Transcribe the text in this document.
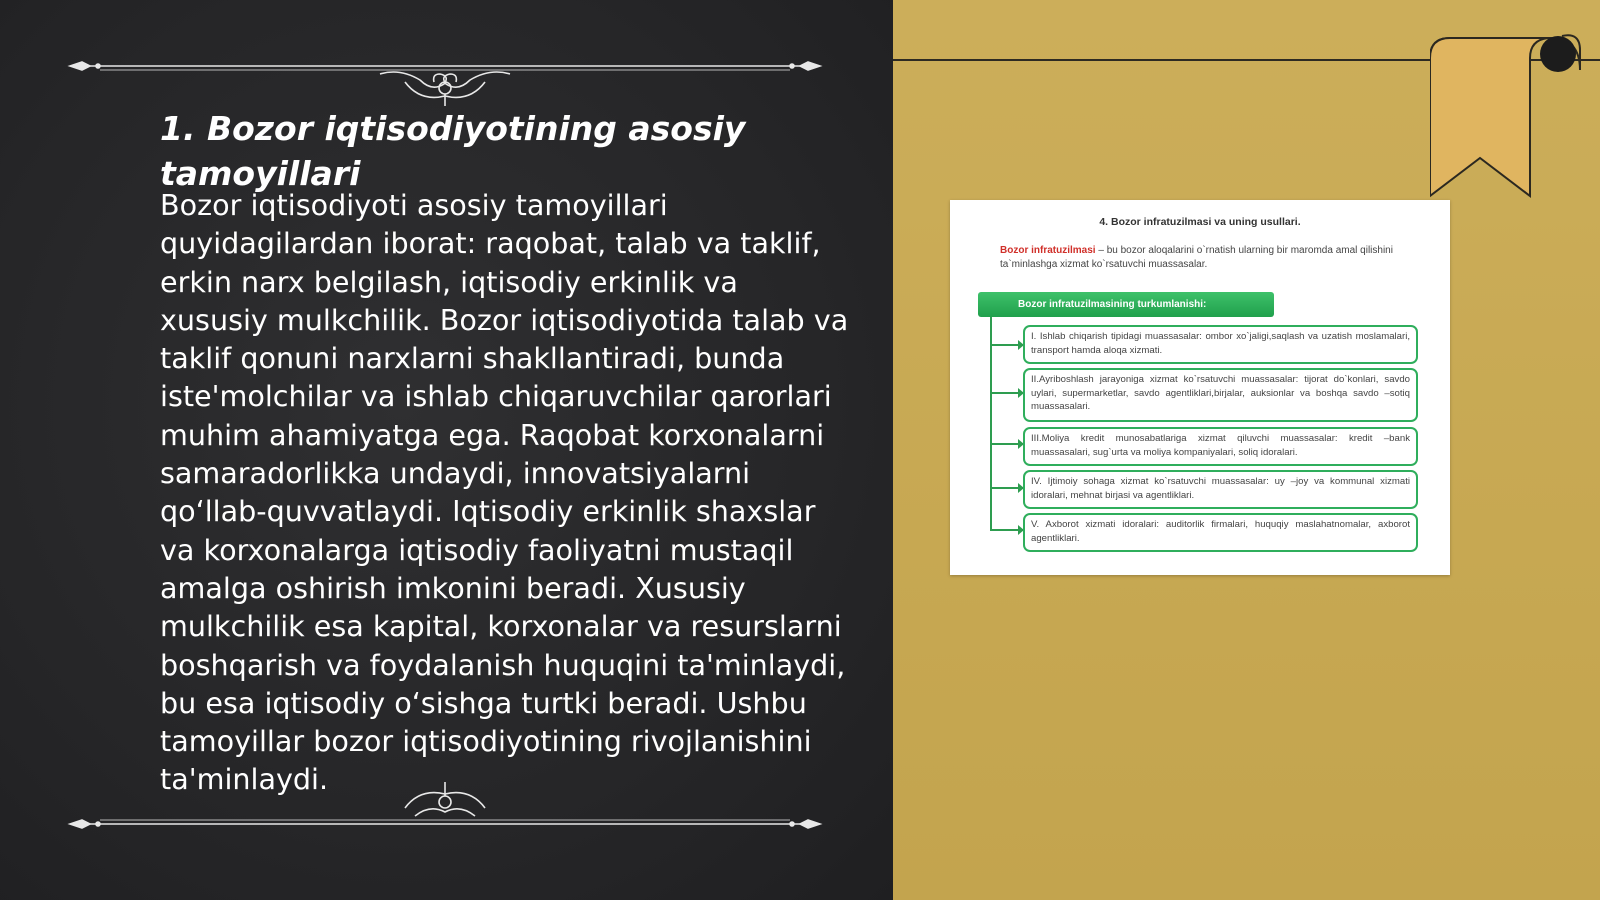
1. Bozor iqtisodiyotining asosiy tamoyillari

Bozor iqtisodiyoti asosiy tamoyillari quyidagilardan iborat: raqobat, talab va taklif, erkin narx belgilash, iqtisodiy erkinlik va xususiy mulkchilik. Bozor iqtisodiyotida talab va taklif qonuni narxlarni shakllantiradi, bunda iste'molchilar va ishlab chiqaruvchilar qarorlari muhim ahamiyatga ega. Raqobat korxonalarni samaradorlikka undaydi, innovatsiyalarni qo‘llab-quvvatlaydi. Iqtisodiy erkinlik shaxslar va korxonalarga iqtisodiy faoliyatni mustaqil amalga oshirish imkonini beradi. Xususiy mulkchilik esa kapital, korxonalar va resurslarni boshqarish va foydalanish huquqini ta'minlaydi, bu esa iqtisodiy o‘sishga turtki beradi. Ushbu tamoyillar bozor iqtisodiyotining rivojlanishini ta'minlaydi.

4. Bozor infratuzilmasi va uning usullari.
Bozor infratuzilmasi – bu bozor aloqalarini o`rnatish ularning bir maromda amal qilishini ta`minlashga xizmat ko`rsatuvchi muassasalar.
Bozor infratuzilmasining turkumlanishi:
I. Ishlab chiqarish tipidagi muassasalar: ombor xo`jaligi,saqlash va uzatish moslamalari, transport hamda aloqa xizmati.
II.Ayriboshlash jarayoniga xizmat ko`rsatuvchi muassasalar: tijorat do`konlari, savdo uylari, supermarketlar, savdo agentliklari,birjalar, auksionlar va boshqa savdo –sotiq muassasalari.
III.Moliya kredit munosabatlariga xizmat qiluvchi muassasalar: kredit –bank muassasalari, sug`urta va moliya kompaniyalari, soliq idoralari.
IV. Ijtimoiy sohaga xizmat ko`rsatuvchi muassasalar: uy –joy va kommunal xizmati idoralari, mehnat birjasi va agentliklari.
V. Axborot xizmati idoralari: auditorlik firmalari, huquqiy maslahatnomalar, axborot agentliklari.
